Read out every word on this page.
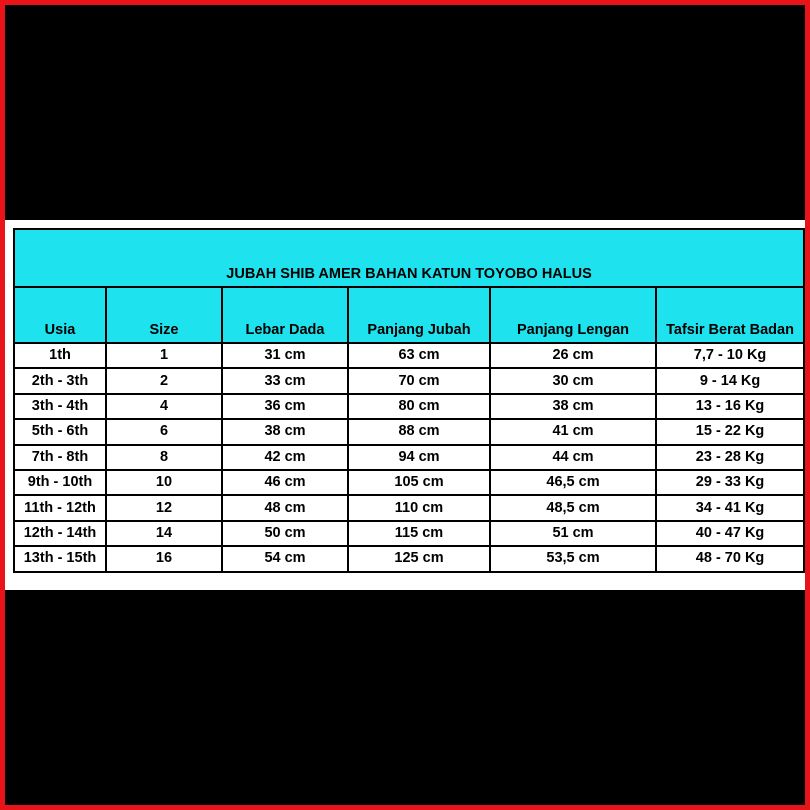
JUBAH SHIB AMER BAHAN KATUN TOYOBO HALUS					
Usia	Size	Lebar Dada	Panjang Jubah	Panjang Lengan	Tafsir Berat Badan
1th	1	31 cm	63 cm	26 cm	7,7 - 10 Kg
2th - 3th	2	33 cm	70 cm	30 cm	9 - 14 Kg
3th - 4th	4	36 cm	80 cm	38 cm	13 - 16 Kg
5th - 6th	6	38 cm	88 cm	41 cm	15 - 22 Kg
7th - 8th	8	42 cm	94 cm	44 cm	23 - 28 Kg
9th - 10th	10	46 cm	105 cm	46,5 cm	29 - 33 Kg
11th - 12th	12	48 cm	110 cm	48,5 cm	34 - 41 Kg
12th - 14th	14	50 cm	115 cm	51 cm	40 - 47 Kg
13th - 15th	16	54 cm	125 cm	53,5 cm	48 - 70 Kg
